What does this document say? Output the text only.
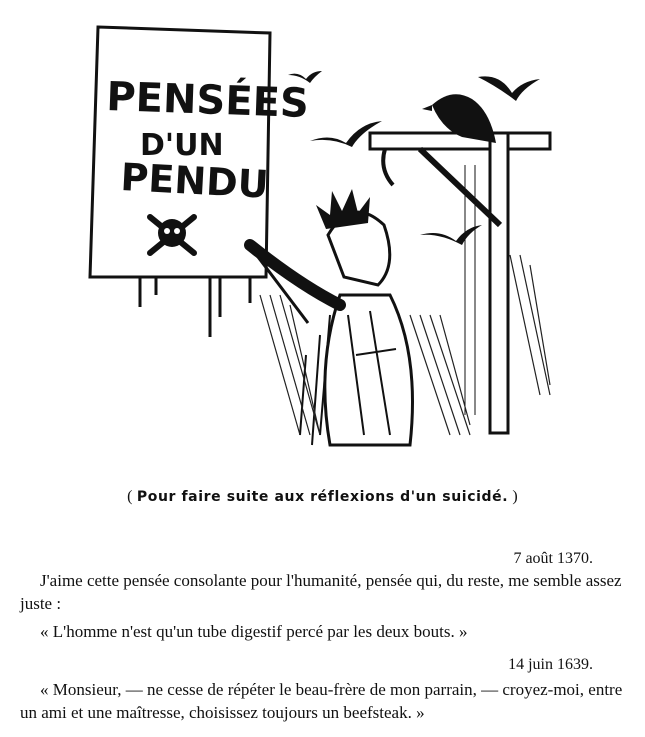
PENSÉES
D'UN
PENDU
( Pour faire suite aux réflexions d'un suicidé. )
7 août 1370.
J'aime cette pensée consolante pour l'humanité, pensée qui, du reste, me semble assez juste :
« L'homme n'est qu'un tube digestif percé par les deux bouts. »
14 juin 1639.
« Monsieur, — ne cesse de répéter le beau-frère de mon parrain, — croyez-moi, entre un ami et une maîtresse, choisissez toujours un beefsteak. »
